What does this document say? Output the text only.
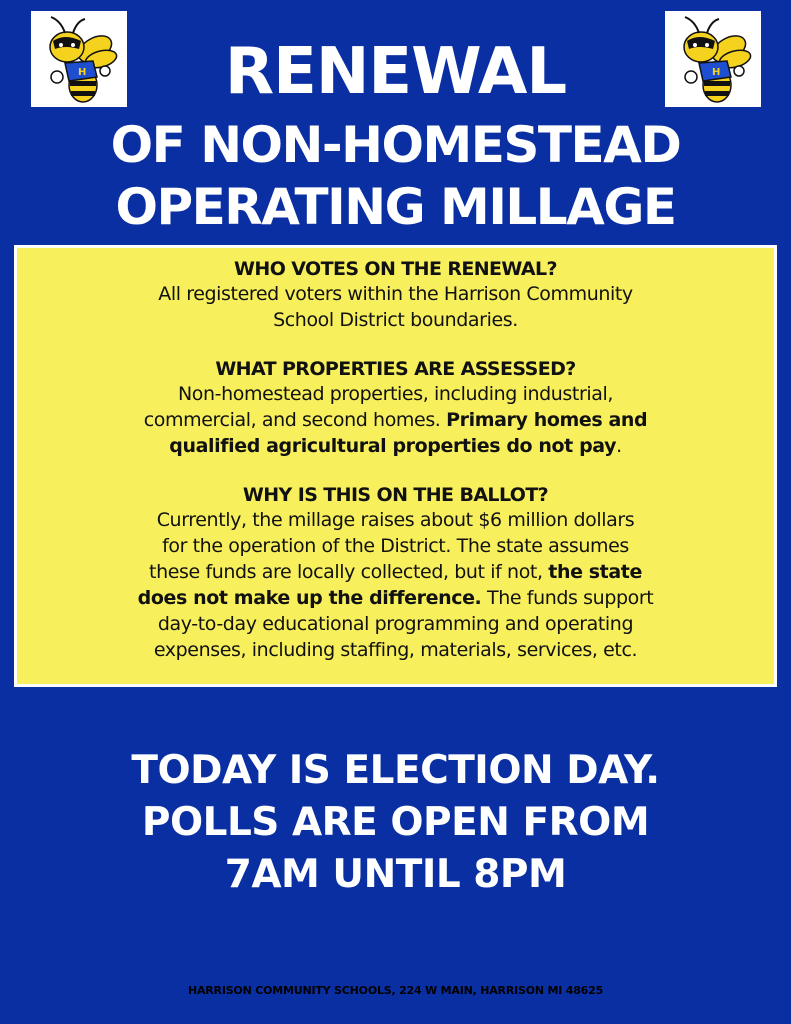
H	H
RENEWAL
OF NON-HOMESTEAD
OPERATING MILLAGE
WHO VOTES ON THE RENEWAL?
All registered voters within the Harrison Community
School District boundaries.
WHAT PROPERTIES ARE ASSESSED?
Non-homestead properties, including industrial,
commercial, and second homes. Primary homes and
qualified agricultural properties do not pay.
WHY IS THIS ON THE BALLOT?
Currently, the millage raises about $6 million dollars
for the operation of the District. The state assumes
these funds are locally collected, but if not, the state
does not make up the difference. The funds support
day-to-day educational programming and operating
expenses, including staffing, materials, services, etc.
TODAY IS ELECTION DAY.
POLLS ARE OPEN FROM
7AM UNTIL 8PM
HARRISON COMMUNITY SCHOOLS, 224 W MAIN, HARRISON MI 48625
